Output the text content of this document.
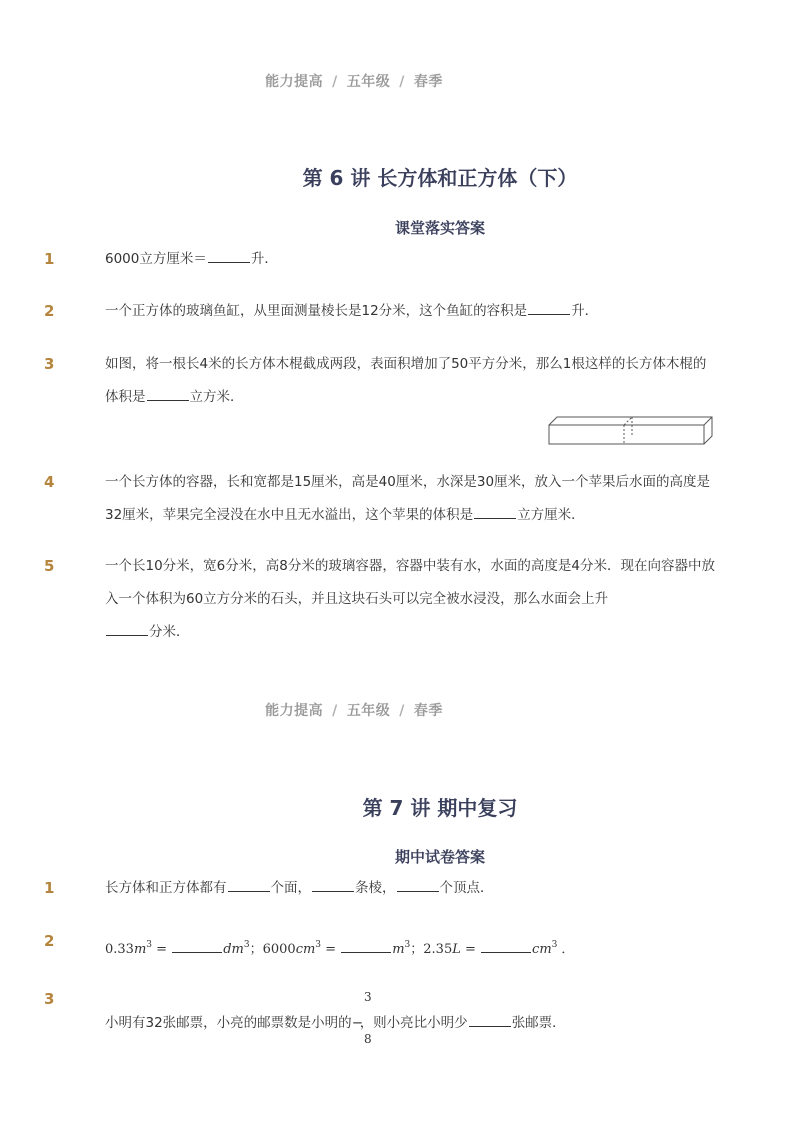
能力提高 / 五年级 / 春季
第 6 讲 长方体和正方体（下）
课堂落实答案
1	6000立方厘米＝	升．
2	一个正方体的玻璃鱼缸，从里面测量棱长是12分米，这个鱼缸的容积是	升．
3	如图，将一根长4米的长方体木棍截成两段，表面积增加了50平方分米，那么1根这样的长方体木棍的体积是	立方米．
4	一个长方体的容器，长和宽都是15厘米，高是40厘米，水深是30厘米，放入一个苹果后水面的高度是32厘米，苹果完全浸没在水中且无水溢出，这个苹果的体积是	立方厘米．
5	一个长10分米，宽6分米，高8分米的玻璃容器，容器中装有水，水面的高度是4分米．现在向容器中放入一个体积为60立方分米的石头，并且这块石头可以完全被水浸没，那么水面会上升
分米．
能力提高 / 五年级 / 春季
第 7 讲 期中复习
期中试卷答案
1	长方体和正方体都有	个面，	条棱，	个顶点．
2	$0.33m^3$ =	$dm^3$；$6000cm^3$ =	$m^3$；2.35L =	$cm^3$ ．
3	3
8
小明有32张邮票，小亮的邮票数是小明的−，则小亮比小明少	张邮票．
